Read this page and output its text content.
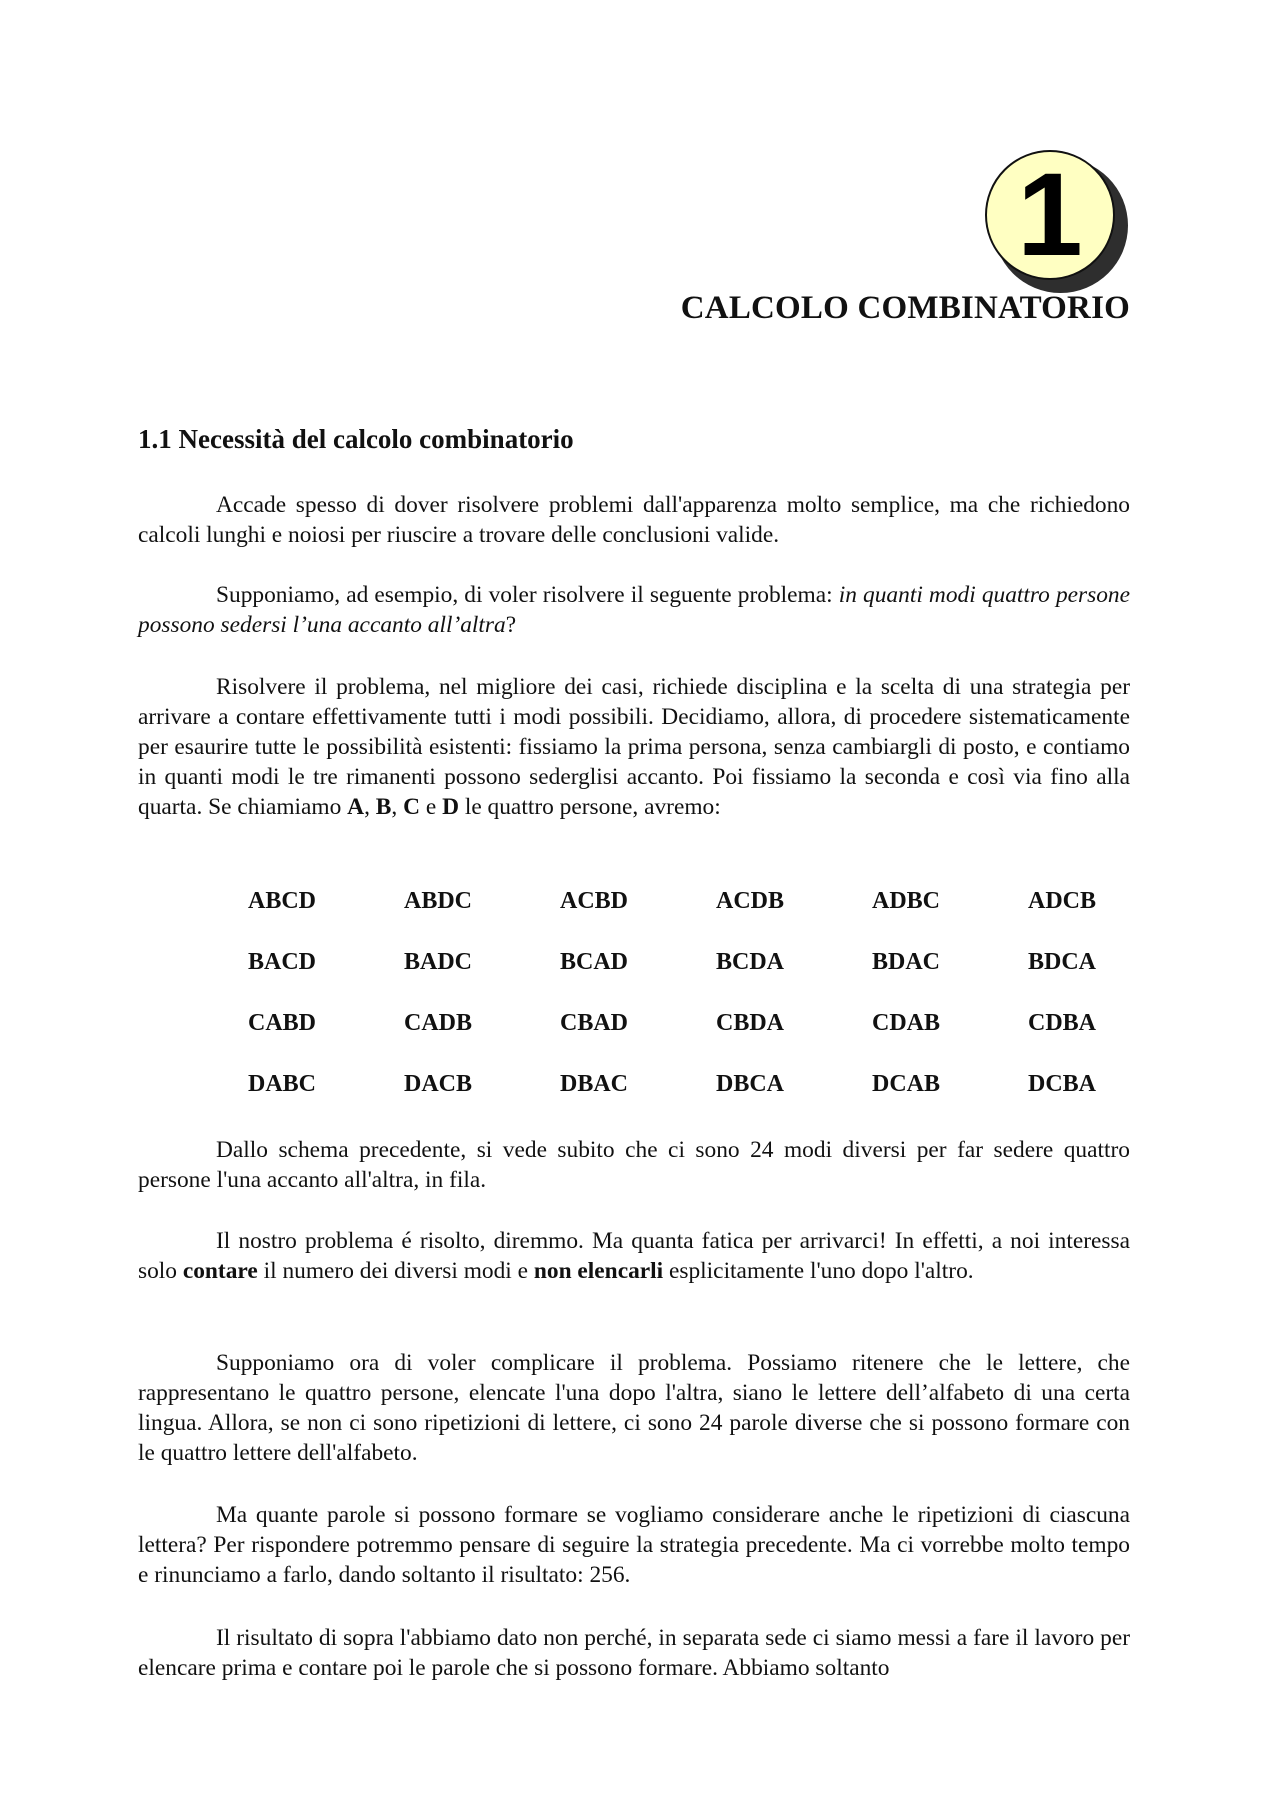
1
CALCOLO COMBINATORIO
1.1 Necessità del calcolo combinatorio

Accade spesso di dover risolvere problemi dall'apparenza molto semplice, ma che richiedono calcoli lunghi e noiosi per riuscire a trovare delle conclusioni valide.

Supponiamo, ad esempio, di voler risolvere il seguente problema: in quanti modi quattro persone possono sedersi l’una accanto all’altra?

Risolvere il problema, nel migliore dei casi, richiede disciplina e la scelta di una strategia per arrivare a contare effettivamente tutti i modi possibili. Decidiamo, allora, di procedere sistematicamente per esaurire tutte le possibilità esistenti: fissiamo la prima persona, senza cambiargli di posto, e contiamo in quanti modi le tre rimanenti possono sederglisi accanto. Poi fissiamo la seconda e così via fino alla quarta. Se chiamiamo A, B, C e D le quattro persone, avremo:

ABCD	ABDC	ACBD	ACDB	ADBC	ADCB
BACD	BADC	BCAD	BCDA	BDAC	BDCA
CABD	CADB	CBAD	CBDA	CDAB	CDBA
DABC	DACB	DBAC	DBCA	DCAB	DCBA

Dallo schema precedente, si vede subito che ci sono 24 modi diversi per far sedere quattro persone l'una accanto all'altra, in fila.

Il nostro problema é risolto, diremmo. Ma quanta fatica per arrivarci! In effetti, a noi interessa solo contare il numero dei diversi modi e non elencarli esplicitamente l'uno dopo l'altro.

Supponiamo ora di voler complicare il problema. Possiamo ritenere che le lettere, che rappresentano le quattro persone, elencate l'una dopo l'altra, siano le lettere dell’alfabeto di una certa lingua. Allora, se non ci sono ripetizioni di lettere, ci sono 24 parole diverse che si possono formare con le quattro lettere dell'alfabeto.

Ma quante parole si possono formare se vogliamo considerare anche le ripetizioni di ciascuna lettera? Per rispondere potremmo pensare di seguire la strategia precedente. Ma ci vorrebbe molto tempo e rinunciamo a farlo, dando soltanto il risultato: 256.

Il risultato di sopra l'abbiamo dato non perché, in separata sede ci siamo messi a fare il lavoro per elencare prima e contare poi le parole che si possono formare. Abbiamo soltanto
